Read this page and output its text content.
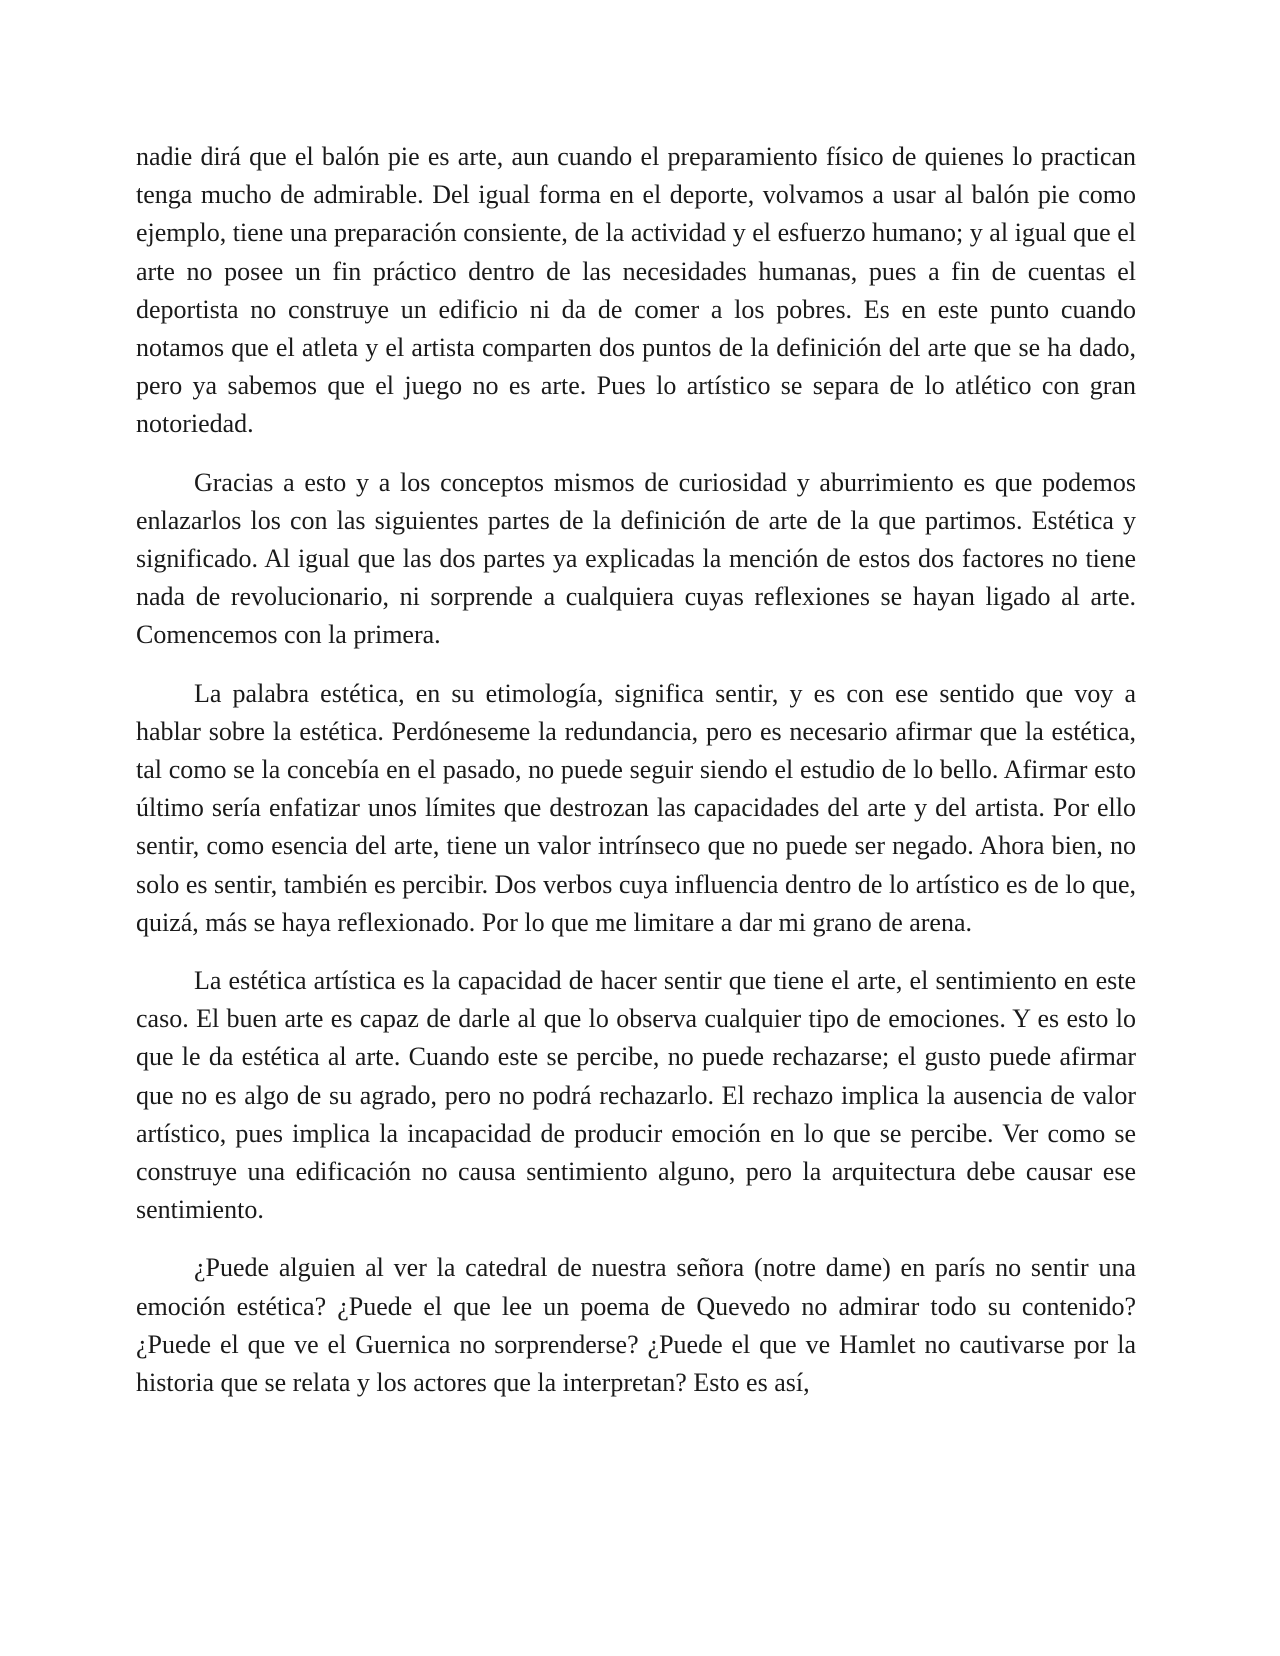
nadie dirá que el balón pie es arte, aun cuando el preparamiento físico de quienes lo practican tenga mucho de admirable. Del igual forma en el deporte, volvamos a usar al balón pie como ejemplo, tiene una preparación consiente, de la actividad y el esfuerzo humano; y al igual que el arte no posee un fin práctico dentro de las necesidades humanas, pues a fin de cuentas el deportista no construye un edificio ni da de comer a los pobres. Es en este punto cuando notamos que el atleta y el artista comparten dos puntos de la definición del arte que se ha dado, pero ya sabemos que el juego no es arte. Pues lo artístico se separa de lo atlético con gran notoriedad.

Gracias a esto y a los conceptos mismos de curiosidad y aburrimiento es que podemos enlazarlos los con las siguientes partes de la definición de arte de la que partimos. Estética y significado. Al igual que las dos partes ya explicadas la mención de estos dos factores no tiene nada de revolucionario, ni sorprende a cualquiera cuyas reflexiones se hayan ligado al arte. Comencemos con la primera.

La palabra estética, en su etimología, significa sentir, y es con ese sentido que voy a hablar sobre la estética. Perdóneseme la redundancia, pero es necesario afirmar que la estética, tal como se la concebía en el pasado, no puede seguir siendo el estudio de lo bello. Afirmar esto último sería enfatizar unos límites que destrozan las capacidades del arte y del artista. Por ello sentir, como esencia del arte, tiene un valor intrínseco que no puede ser negado. Ahora bien, no solo es sentir, también es percibir. Dos verbos cuya influencia dentro de lo artístico es de lo que, quizá, más se haya reflexionado. Por lo que me limitare a dar mi grano de arena.

La estética artística es la capacidad de hacer sentir que tiene el arte, el sentimiento en este caso. El buen arte es capaz de darle al que lo observa cualquier tipo de emociones. Y es esto lo que le da estética al arte. Cuando este se percibe, no puede rechazarse; el gusto puede afirmar que no es algo de su agrado, pero no podrá rechazarlo. El rechazo implica la ausencia de valor artístico, pues implica la incapacidad de producir emoción en lo que se percibe. Ver como se construye una edificación no causa sentimiento alguno, pero la arquitectura debe causar ese sentimiento.

¿Puede alguien al ver la catedral de nuestra señora (notre dame) en parís no sentir una emoción estética? ¿Puede el que lee un poema de Quevedo no admirar todo su contenido? ¿Puede el que ve el Guernica no sorprenderse? ¿Puede el que ve Hamlet no cautivarse por la historia que se relata y los actores que la interpretan? Esto es así,
